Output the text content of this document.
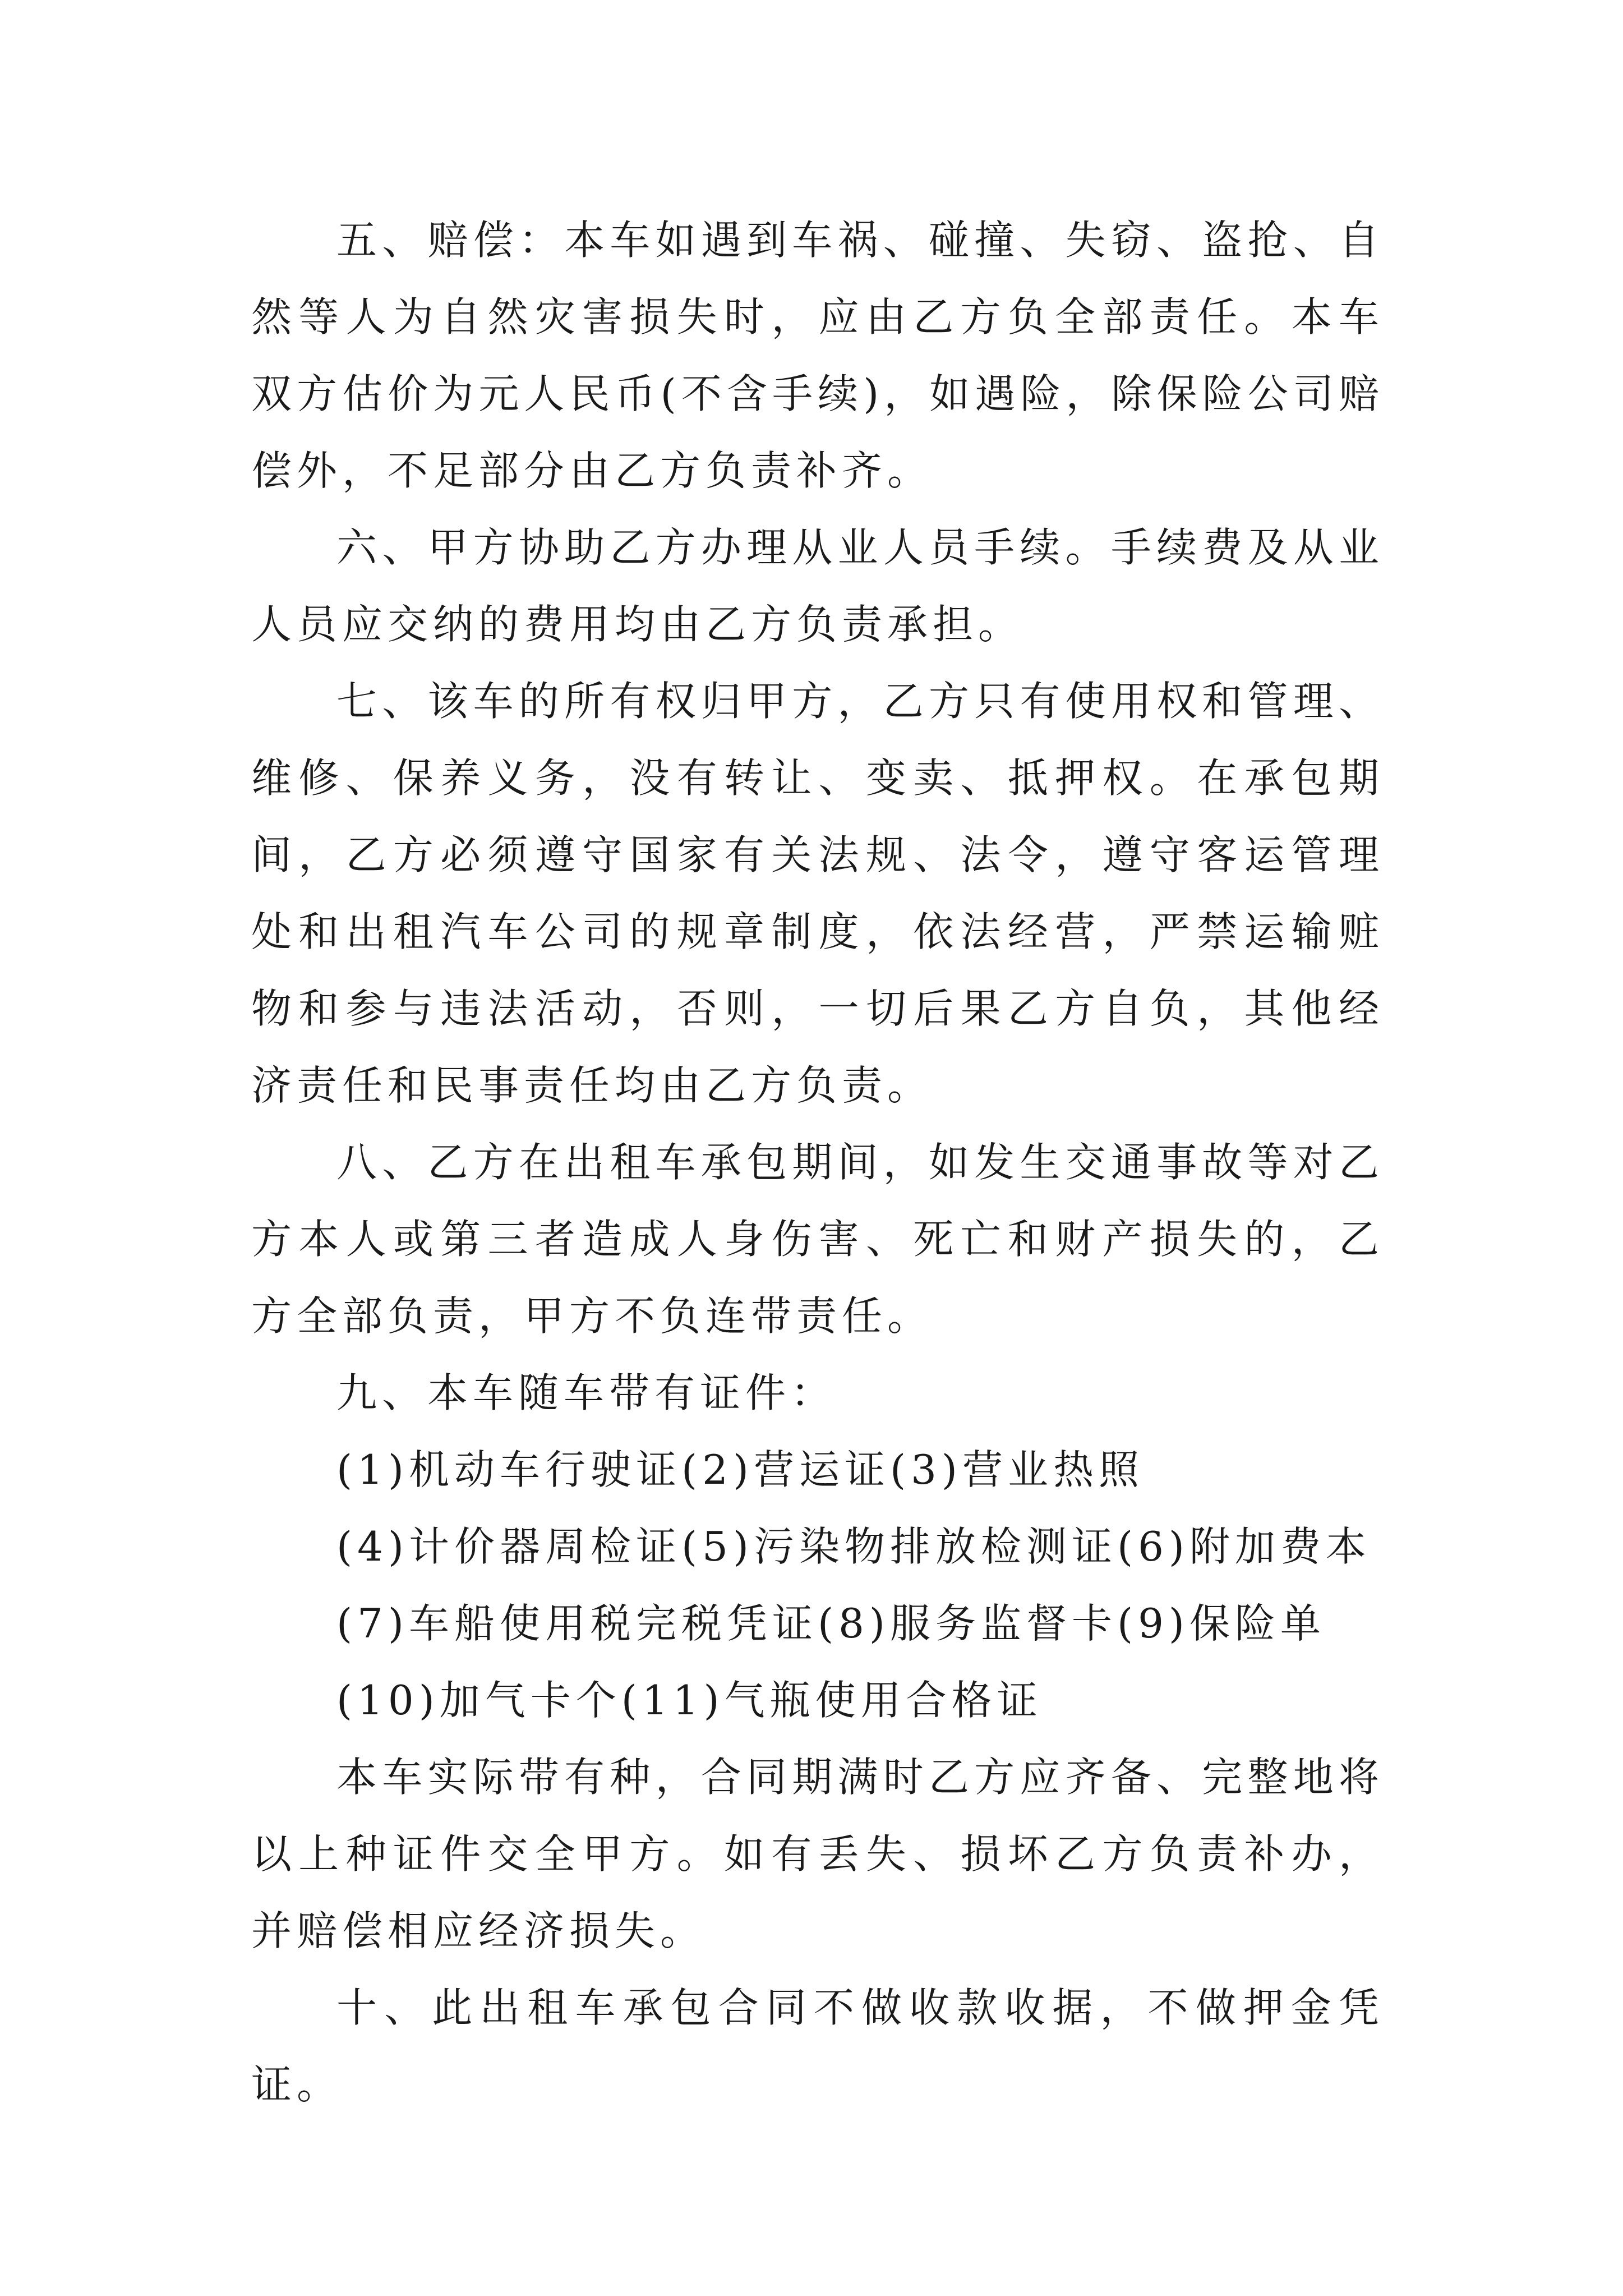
五、赔偿：本车如遇到车祸、碰撞、失窃、盗抢、自然等人为自然灾害损失时，应由乙方负全部责任。本车双方估价为元人民币(不含手续)，如遇险，除保险公司赔偿外，不足部分由乙方负责补齐。

六、甲方协助乙方办理从业人员手续。手续费及从业人员应交纳的费用均由乙方负责承担。

七、该车的所有权归甲方，乙方只有使用权和管理、维修、保养义务，没有转让、变卖、抵押权。在承包期间，乙方必须遵守国家有关法规、法令，遵守客运管理处和出租汽车公司的规章制度，依法经营，严禁运输赃物和参与违法活动，否则，一切后果乙方自负，其他经济责任和民事责任均由乙方负责。

八、乙方在出租车承包期间，如发生交通事故等对乙方本人或第三者造成人身伤害、死亡和财产损失的，乙方全部负责，甲方不负连带责任。

九、本车随车带有证件：

(1)机动车行驶证(2)营运证(3)营业热照

(4)计价器周检证(5)污染物排放检测证(6)附加费本

(7)车船使用税完税凭证(8)服务监督卡(9)保险单

(10)加气卡个(11)气瓶使用合格证

本车实际带有种，合同期满时乙方应齐备、完整地将以上种证件交全甲方。如有丢失、损坏乙方负责补办，并赔偿相应经济损失。

十、此出租车承包合同不做收款收据，不做押金凭证。
